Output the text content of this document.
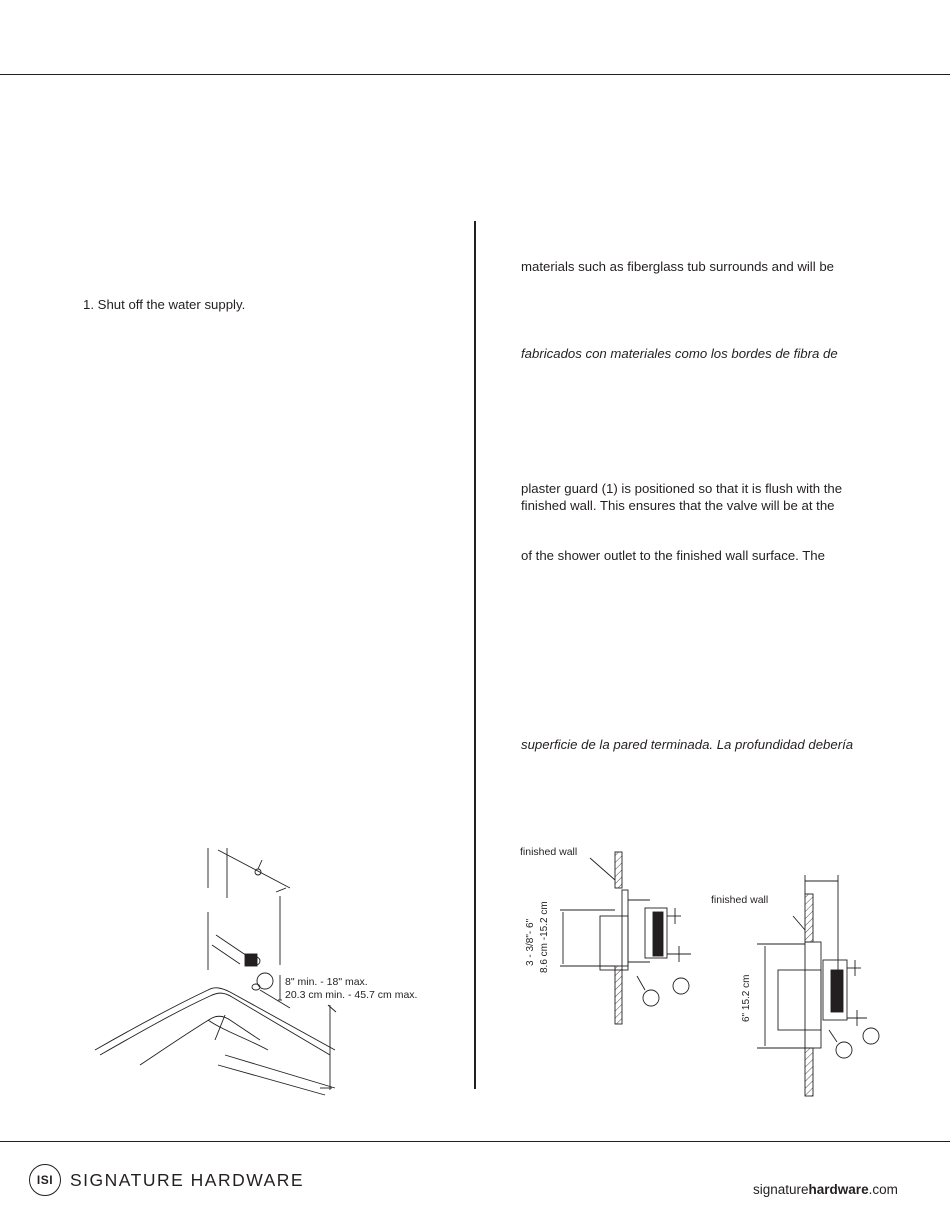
1. Shut off the water supply.
materials such as fiberglass tub surrounds and will be
fabricados con materiales como los bordes de fibra de
plaster guard (1) is positioned so that it is flush with the
finished wall. This ensures that the valve will be at the
of the shower outlet to the finished wall surface. The
superficie de la pared terminada. La profundidad debería
8" min. - 18" max.
20.3 cm min. - 45.7 cm max.
finished wall
3 - 3/8"- 6" 8.6 cm -15.2 cm
finished wall
6" 15.2 cm
ISI SIGNATURE HARDWARE	signaturehardware.com
